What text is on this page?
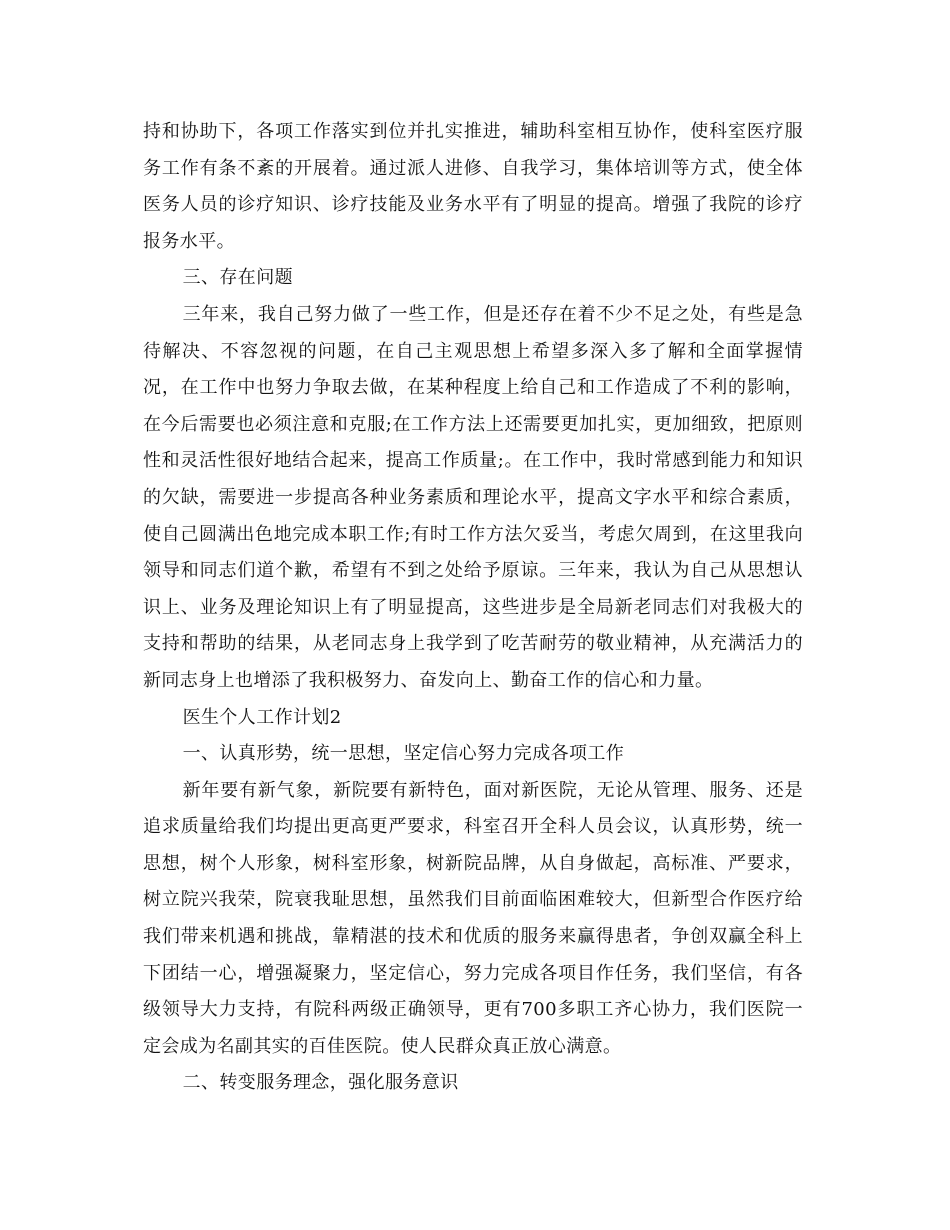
持和协助下，各项工作落实到位并扎实推进，辅助科室相互协作，使科室医疗服务工作有条不紊的开展着。通过派人进修、自我学习，集体培训等方式，使全体医务人员的诊疗知识、诊疗技能及业务水平有了明显的提高。增强了我院的诊疗报务水平。

三、存在问题

三年来，我自己努力做了一些工作，但是还存在着不少不足之处，有些是急待解决、不容忽视的问题，在自己主观思想上希望多深入多了解和全面掌握情况，在工作中也努力争取去做，在某种程度上给自己和工作造成了不利的影响，在今后需要也必须注意和克服;在工作方法上还需要更加扎实，更加细致，把原则性和灵活性很好地结合起来，提高工作质量;。在工作中，我时常感到能力和知识的欠缺，需要进一步提高各种业务素质和理论水平，提高文字水平和综合素质，使自己圆满出色地完成本职工作;有时工作方法欠妥当，考虑欠周到，在这里我向领导和同志们道个歉，希望有不到之处给予原谅。三年来，我认为自己从思想认识上、业务及理论知识上有了明显提高，这些进步是全局新老同志们对我极大的支持和帮助的结果，从老同志身上我学到了吃苦耐劳的敬业精神，从充满活力的新同志身上也增添了我积极努力、奋发向上、勤奋工作的信心和力量。

医生个人工作计划2

一、认真形势，统一思想，坚定信心努力完成各项工作

新年要有新气象，新院要有新特色，面对新医院，无论从管理、服务、还是追求质量给我们均提出更高更严要求，科室召开全科人员会议，认真形势，统一思想，树个人形象，树科室形象，树新院品牌，从自身做起，高标准、严要求，树立院兴我荣，院衰我耻思想，虽然我们目前面临困难较大，但新型合作医疗给我们带来机遇和挑战，靠精湛的技术和优质的服务来赢得患者，争创双赢全科上下团结一心，增强凝聚力，坚定信心，努力完成各项目作任务，我们坚信，有各级领导大力支持，有院科两级正确领导，更有700多职工齐心协力，我们医院一定会成为名副其实的百佳医院。使人民群众真正放心满意。

二、转变服务理念，强化服务意识
